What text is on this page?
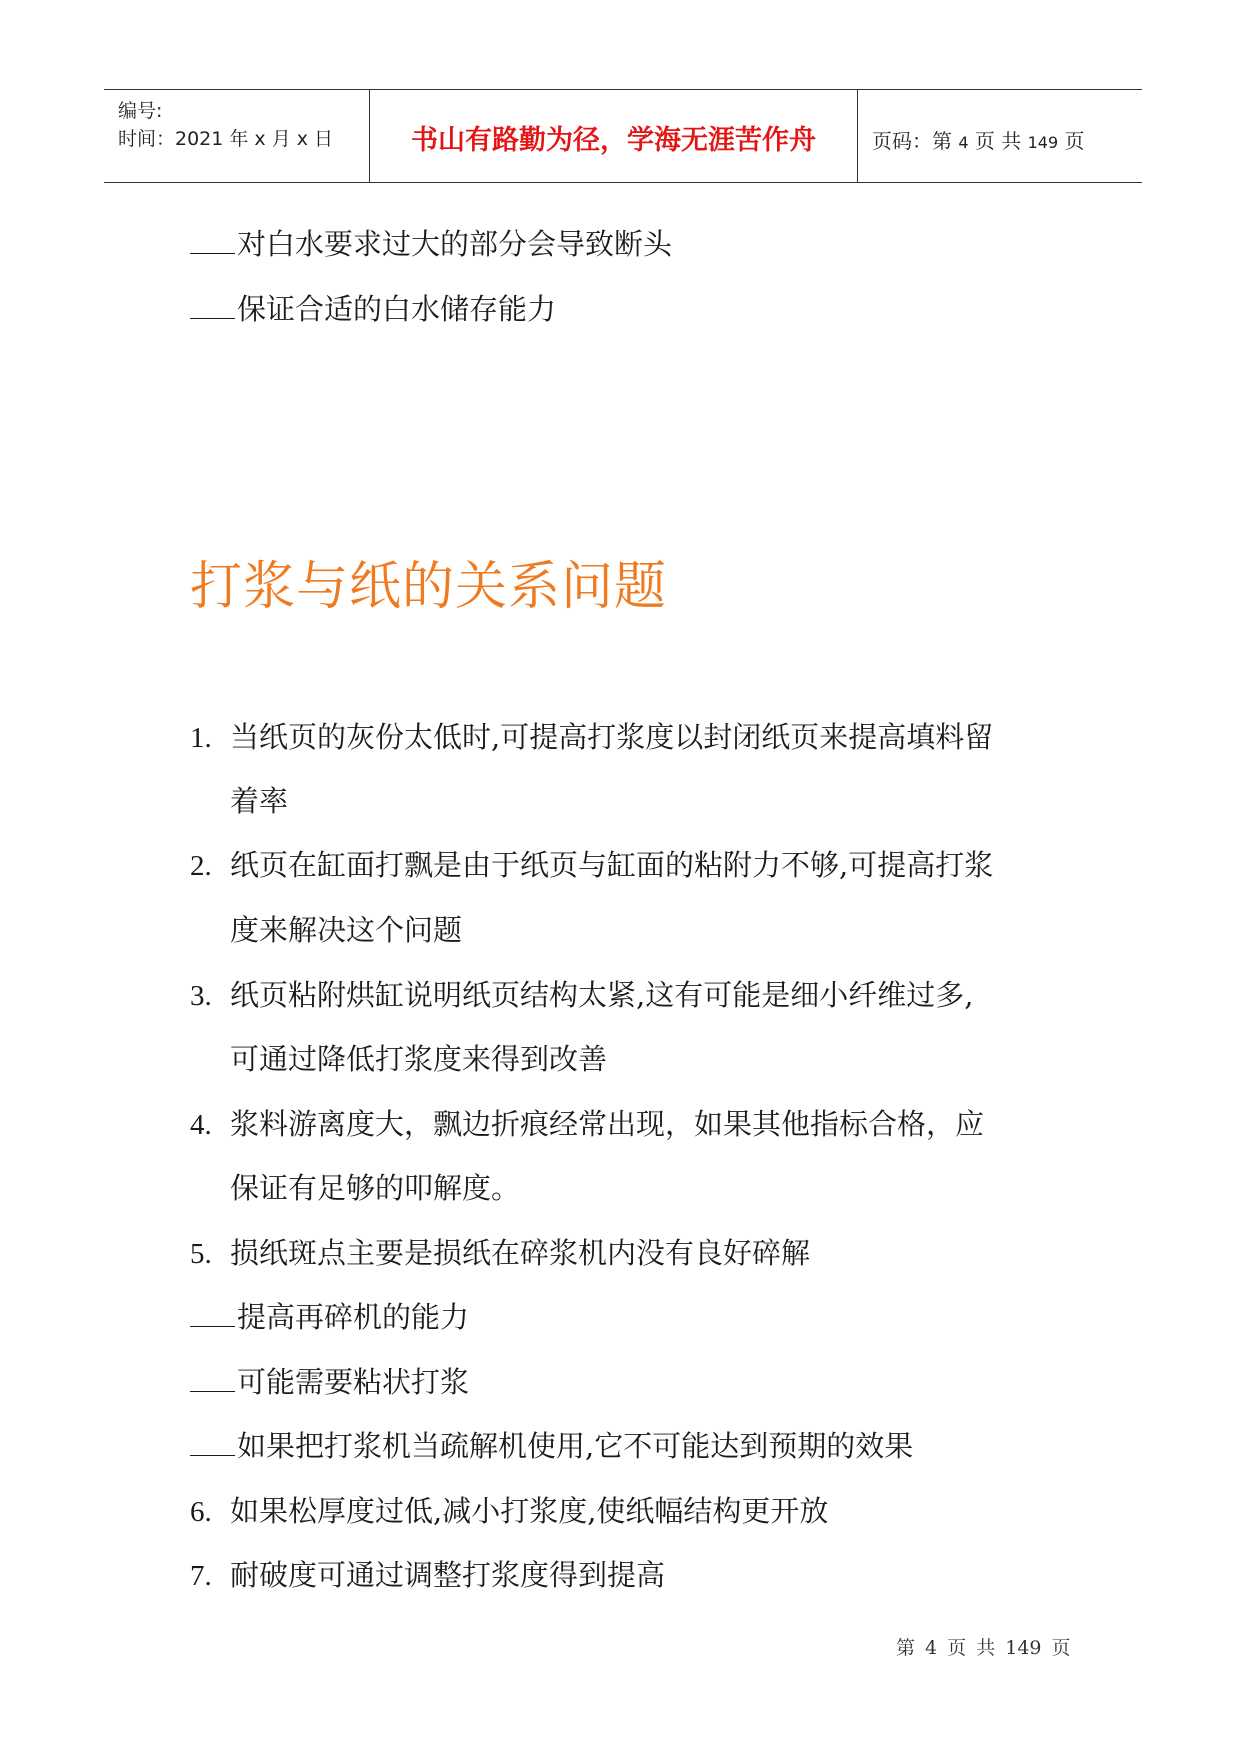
编号:
时间：2021 年 x 月 x 日	书山有路勤为径，学海无涯苦作舟	页码：第 4 页 共 149 页
对白水要求过大的部分会导致断头
保证合适的白水储存能力
打浆与纸的关系问题
1. 当纸页的灰份太低时,可提高打浆度以封闭纸页来提高填料留
着率
2. 纸页在缸面打飘是由于纸页与缸面的粘附力不够,可提高打浆
度来解决这个问题
3. 纸页粘附烘缸说明纸页结构太紧,这有可能是细小纤维过多,
可通过降低打浆度来得到改善
4. 浆料游离度大，飘边折痕经常出现，如果其他指标合格，应
保证有足够的叩解度。
5. 损纸斑点主要是损纸在碎浆机内没有良好碎解
提高再碎机的能力
可能需要粘状打浆
如果把打浆机当疏解机使用,它不可能达到预期的效果
6. 如果松厚度过低,减小打浆度,使纸幅结构更开放
7. 耐破度可通过调整打浆度得到提高
第 4 页 共 149 页
